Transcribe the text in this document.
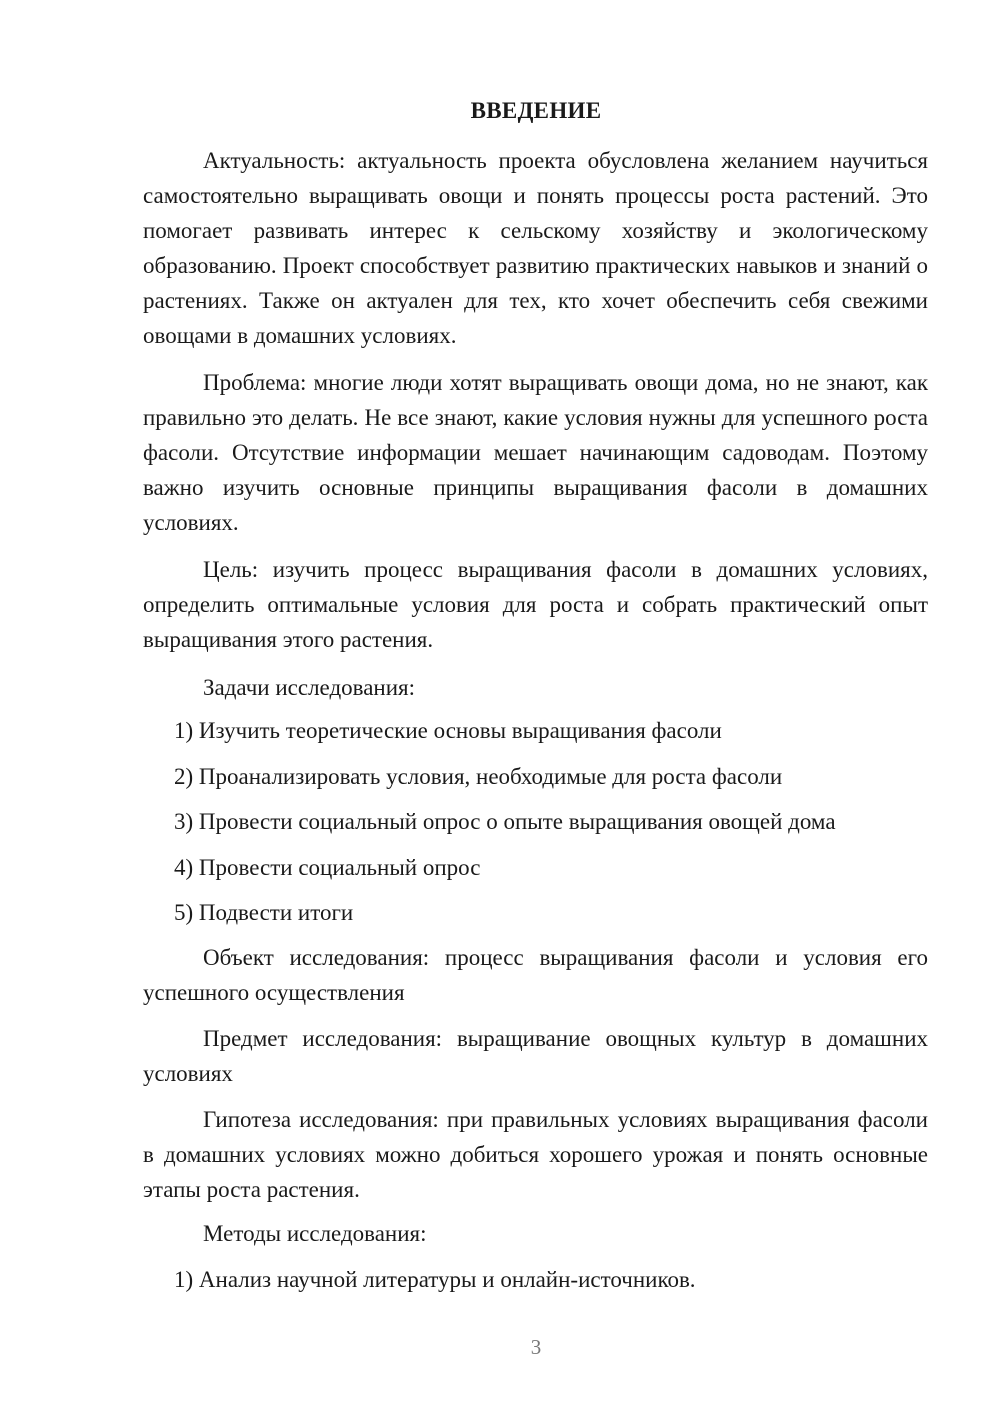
ВВЕДЕНИЕ

Актуальность: актуальность проекта обусловлена желанием научиться самостоятельно выращивать овощи и понять процессы роста растений. Это помогает развивать интерес к сельскому хозяйству и экологическому образованию. Проект способствует развитию практических навыков и знаний о растениях. Также он актуален для тех, кто хочет обеспечить себя свежими овощами в домашних условиях.

Проблема: многие люди хотят выращивать овощи дома, но не знают, как правильно это делать. Не все знают, какие условия нужны для успешного роста фасоли. Отсутствие информации мешает начинающим садоводам. Поэтому важно изучить основные принципы выращивания фасоли в домашних условиях.

Цель: изучить процесс выращивания фасоли в домашних условиях, определить оптимальные условия для роста и собрать практический опыт выращивания этого растения.

Задачи исследования:
1) Изучить теоретические основы выращивания фасоли
2) Проанализировать условия, необходимые для роста фасоли
3) Провести социальный опрос о опыте выращивания овощей дома
4) Провести социальный опрос
5) Подвести итоги

Объект исследования: процесс выращивания фасоли и условия его успешного осуществления

Предмет исследования: выращивание овощных культур в домашних условиях

Гипотеза исследования: при правильных условиях выращивания фасоли в домашних условиях можно добиться хорошего урожая и понять основные этапы роста растения.

Методы исследования:
1) Анализ научной литературы и онлайн-источников.
3
